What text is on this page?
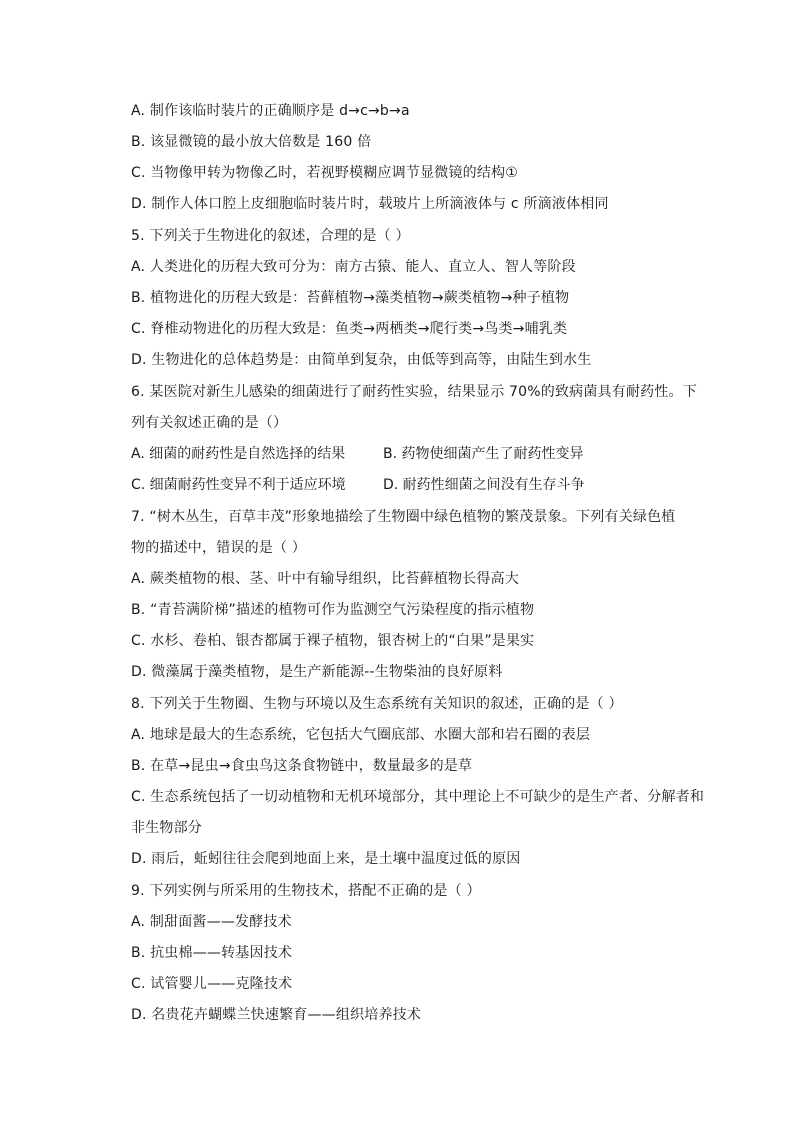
A. 制作该临时装片的正确顺序是 d→c→b→a
B. 该显微镜的最小放大倍数是 160 倍
C. 当物像甲转为物像乙时，若视野模糊应调节显微镜的结构①
D. 制作人体口腔上皮细胞临时装片时，载玻片上所滴液体与 c 所滴液体相同
5. 下列关于生物进化的叙述，合理的是（ ）
A. 人类进化的历程大致可分为：南方古猿、能人、直立人、智人等阶段
B. 植物进化的历程大致是：苔藓植物→藻类植物→蕨类植物→种子植物
C. 脊椎动物进化的历程大致是：鱼类→两栖类→爬行类→鸟类→哺乳类
D. 生物进化的总体趋势是：由简单到复杂，由低等到高等，由陆生到水生
6. 某医院对新生儿感染的细菌进行了耐药性实验，结果显示 70%的致病菌具有耐药性。下
列有关叙述正确的是（）
A. 细菌的耐药性是自然选择的结果	B. 药物使细菌产生了耐药性变异
C. 细菌耐药性变异不利于适应环境	D. 耐药性细菌之间没有生存斗争
7. “树木丛生，百草丰茂”形象地描绘了生物圈中绿色植物的繁茂景象。下列有关绿色植
物的描述中，错误的是（ ）
A. 蕨类植物的根、茎、叶中有输导组织，比苔藓植物长得高大
B. “青苔满阶梯”描述的植物可作为监测空气污染程度的指示植物
C. 水杉、卷柏、银杏都属于裸子植物，银杏树上的“白果”是果实
D. 微藻属于藻类植物，是生产新能源--生物柴油的良好原料
8. 下列关于生物圈、生物与环境以及生态系统有关知识的叙述，正确的是（ ）
A. 地球是最大的生态系统，它包括大气圈底部、水圈大部和岩石圈的表层
B. 在草→昆虫→食虫鸟这条食物链中，数量最多的是草
C. 生态系统包括了一切动植物和无机环境部分，其中理论上不可缺少的是生产者、分解者和
非生物部分
D. 雨后，蚯蚓往往会爬到地面上来，是土壤中温度过低的原因
9. 下列实例与所采用的生物技术，搭配不正确的是（ ）
A. 制甜面酱——发酵技术
B. 抗虫棉——转基因技术
C. 试管婴儿——克隆技术
D. 名贵花卉蝴蝶兰快速繁育——组织培养技术
